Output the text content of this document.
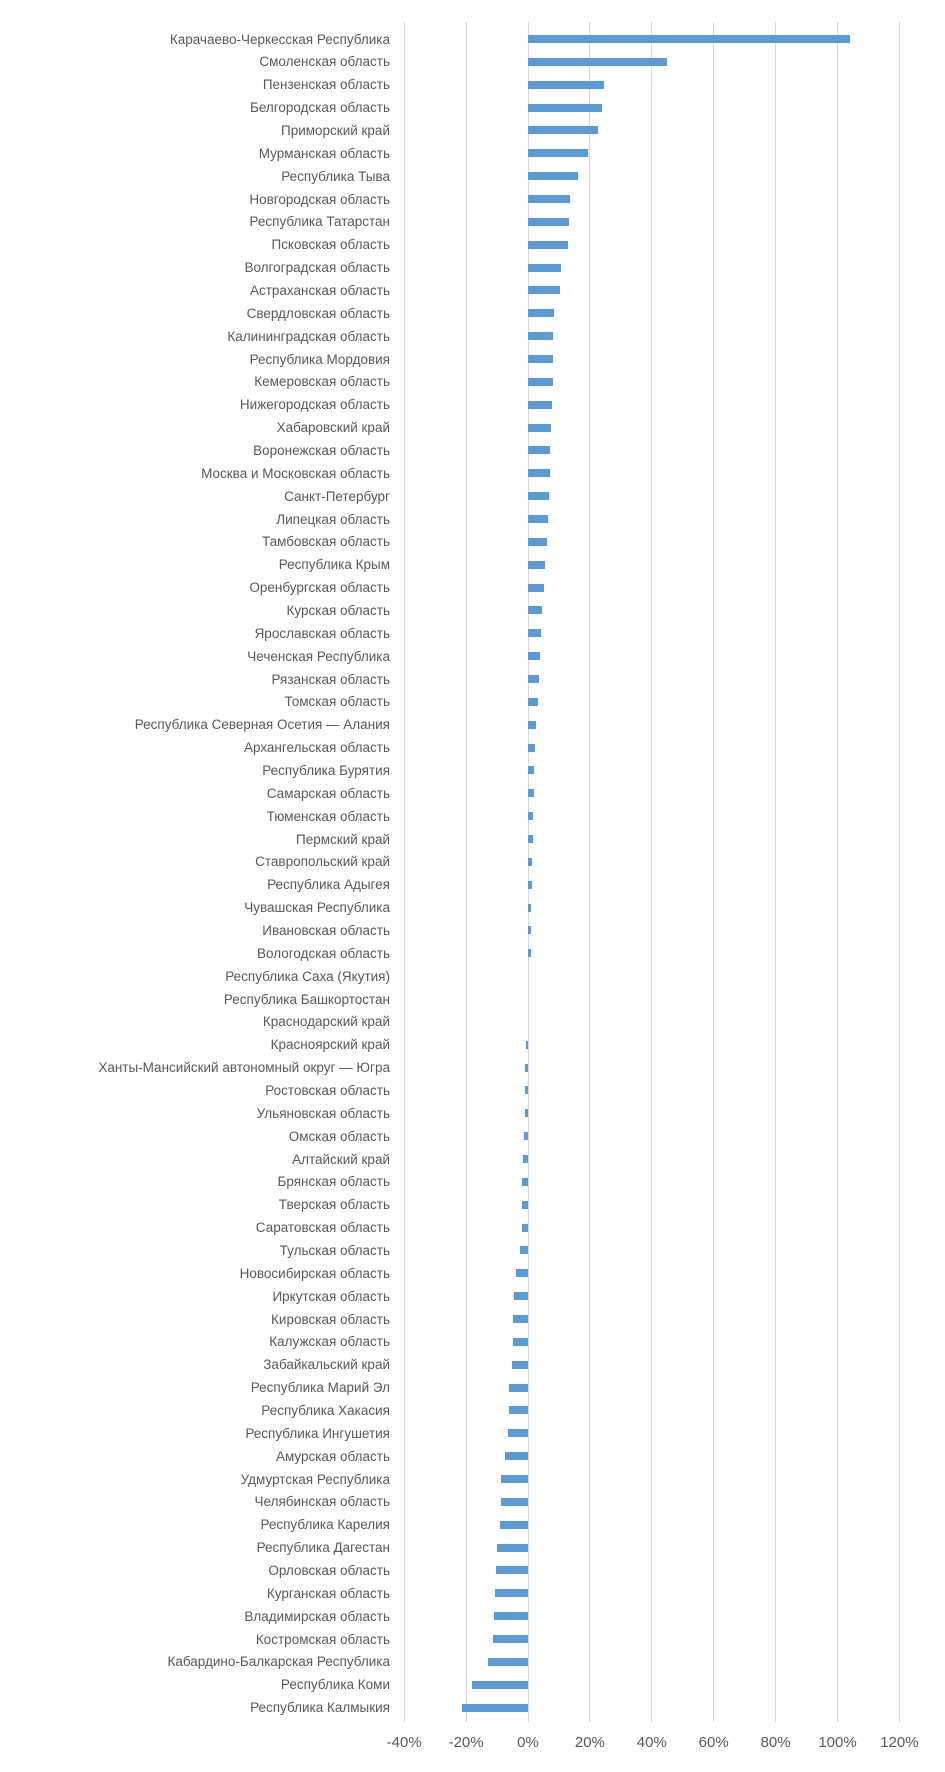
-40%	-20%	0%	20%	40%	60%	80%	100%	120%
Карачаево-Черкесская Республика
Смоленская область
Пензенская область
Белгородская область
Приморский край
Мурманская область
Республика Тыва
Новгородская область
Республика Татарстан
Псковская область
Волгоградская область
Астраханская область
Свердловская область
Калининградская область
Республика Мордовия
Кемеровская область
Нижегородская область
Хабаровский край
Воронежская область
Москва и Московская область
Санкт-Петербург
Липецкая область
Тамбовская область
Республика Крым
Оренбургская область
Курская область
Ярославская область
Чеченская Республика
Рязанская область
Томская область
Республика Северная Осетия — Алания
Архангельская область
Республика Бурятия
Самарская область
Тюменская область
Пермский край
Ставропольский край
Республика Адыгея
Чувашская Республика
Ивановская область
Вологодская область
Республика Саха (Якутия)
Республика Башкортостан
Краснодарский край
Красноярский край
Ханты-Мансийский автономный округ — Югра
Ростовская область
Ульяновская область
Омская область
Алтайский край
Брянская область
Тверская область
Саратовская область
Тульская область
Новосибирская область
Иркутская область
Кировская область
Калужская область
Забайкальский край
Республика Марий Эл
Республика Хакасия
Республика Ингушетия
Амурская область
Удмуртская Республика
Челябинская область
Республика Карелия
Республика Дагестан
Орловская область
Курганская область
Владимирская область
Костромская область
Кабардино-Балкарская Республика
Республика Коми
Республика Калмыкия
